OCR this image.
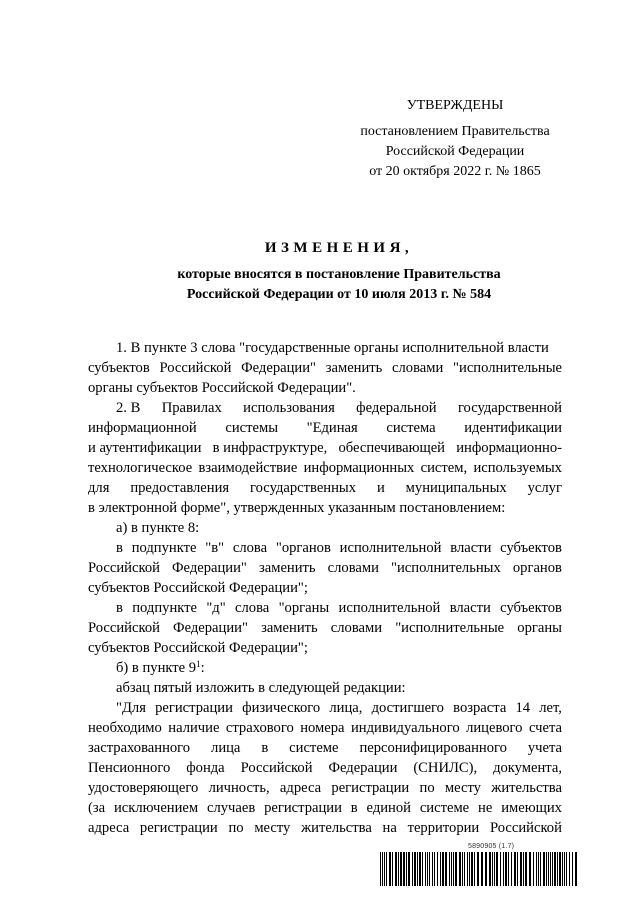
УТВЕРЖДЕНЫ
постановлением Правительства
Российской Федерации
от 20 октября 2022 г. № 1865
ИЗМЕНЕНИЯ,
которые вносятся в постановление Правительства
Российской Федерации от 10 июля 2013 г. № 584
1. В пункте 3 слова "государственные органы исполнительной власти
субъектов Российской Федерации" заменить словами "исполнительные
органы субъектов Российской Федерации".
2. В Правилах использования федеральной государственной
информационной системы "Единая система идентификации
и аутентификации в инфраструктуре, обеспечивающей информационно-
технологическое взаимодействие информационных систем, используемых
для предоставления государственных и муниципальных услуг
в электронной форме", утвержденных указанным постановлением:
а) в пункте 8:
в подпункте "в" слова "органов исполнительной власти субъектов
Российской Федерации" заменить словами "исполнительных органов
субъектов Российской Федерации";
в подпункте "д" слова "органы исполнительной власти субъектов
Российской Федерации" заменить словами "исполнительные органы
субъектов Российской Федерации";
б) в пункте $9^1$:
абзац пятый изложить в следующей редакции:
"Для регистрации физического лица, достигшего возраста 14 лет,
необходимо наличие страхового номера индивидуального лицевого счета
застрахованного лица в системе персонифицированного учета
Пенсионного фонда Российской Федерации (СНИЛС), документа,
удостоверяющего личность, адреса регистрации по месту жительства
(за исключением случаев регистрации в единой системе не имеющих
адреса регистрации по месту жительства на территории Российской
5890905 (1.7)
